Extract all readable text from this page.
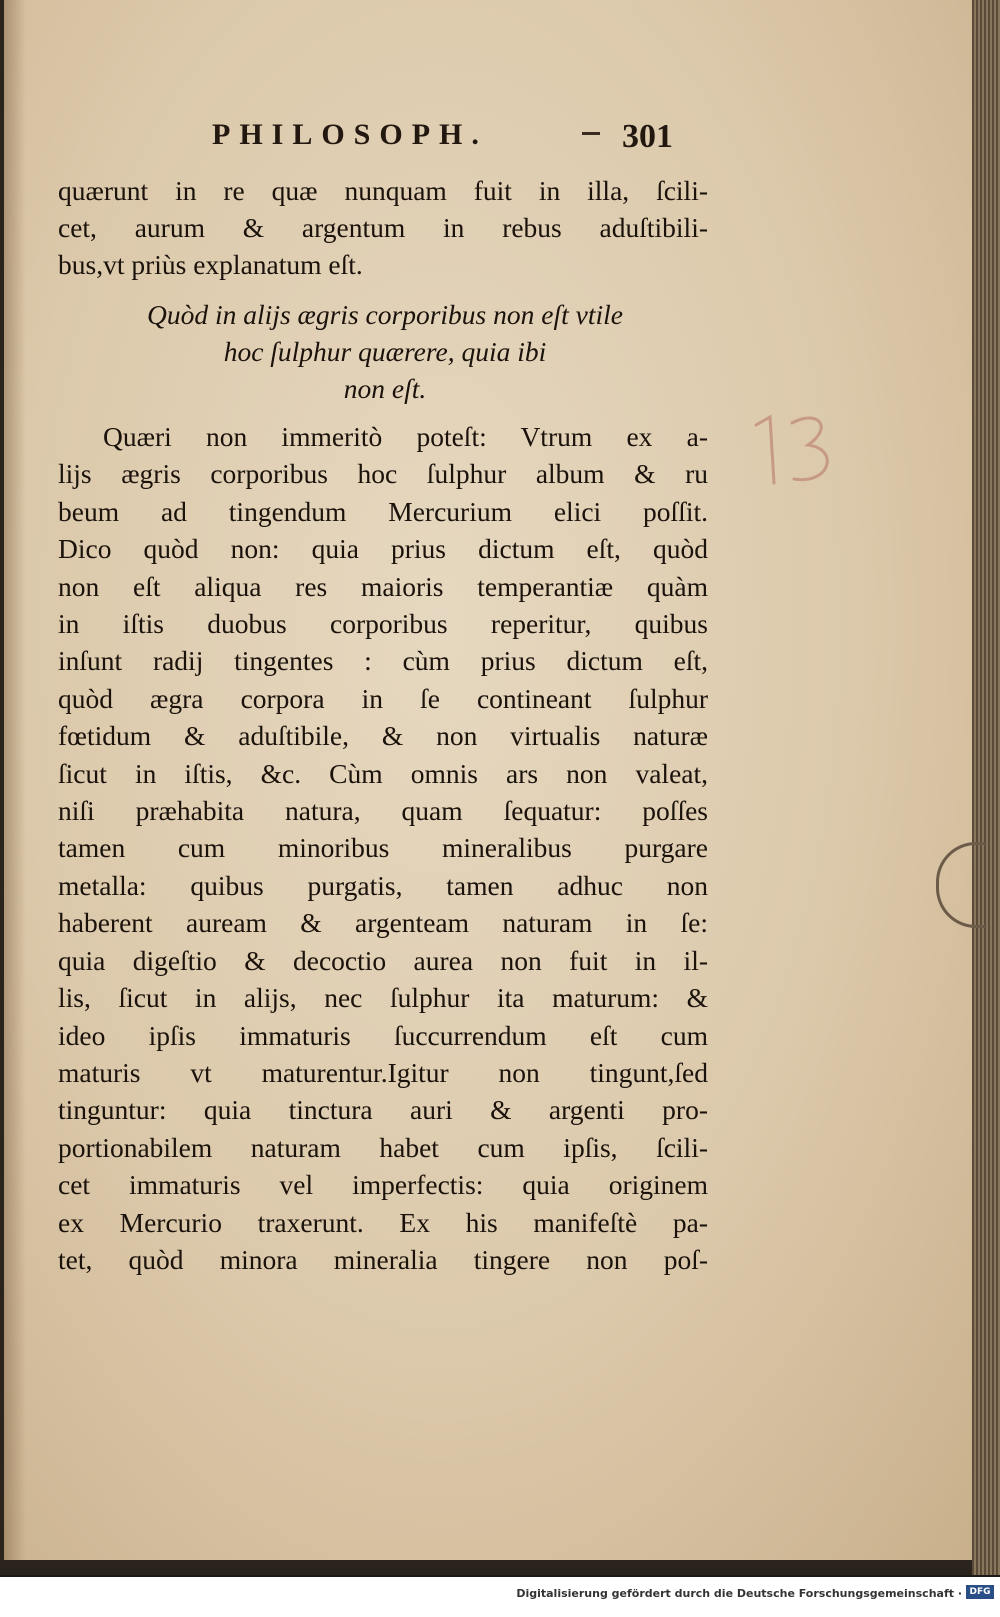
PHILOSOPH.	301
quærunt in re quæ nunquam fuit in illa, ſcili-
cet, aurum & argentum in rebus aduſtibili-
bus,vt priùs explanatum eſt.
Quòd in alijs ægris corporibus non eſt vtile
hoc ſulphur quærere, quia ibi
non eſt.
Quæri non immeritò poteſt: Vtrum ex a-
lijs ægris corporibus hoc ſulphur album & ru
beum ad tingendum Mercurium elici poſſit.
Dico quòd non: quia prius dictum eſt, quòd
non eſt aliqua res maioris temperantiæ quàm
in iſtis duobus corporibus reperitur, quibus
inſunt radij tingentes : cùm prius dictum eſt,
quòd ægra corpora in ſe contineant ſulphur
fœtidum & aduſtibile, & non virtualis naturæ
ſicut in iſtis, &c. Cùm omnis ars non valeat,
niſi præhabita natura, quam ſequatur: poſſes
tamen cum minoribus mineralibus purgare
metalla: quibus purgatis, tamen adhuc non
haberent auream & argenteam naturam in ſe:
quia digeſtio & decoctio aurea non fuit in il-
lis, ſicut in alijs, nec ſulphur ita maturum: &
ideo ipſis immaturis ſuccurrendum eſt cum
maturis vt maturentur.Igitur non tingunt,ſed
tinguntur: quia tinctura auri & argenti pro-
portionabilem naturam habet cum ipſis, ſcili-
cet immaturis vel imperfectis: quia originem
ex Mercurio traxerunt. Ex his manifeſtè pa-
tet, quòd minora mineralia tingere non poſ-
Digitalisierung gefördert durch die Deutsche Forschungsgemeinschaft · DFG
